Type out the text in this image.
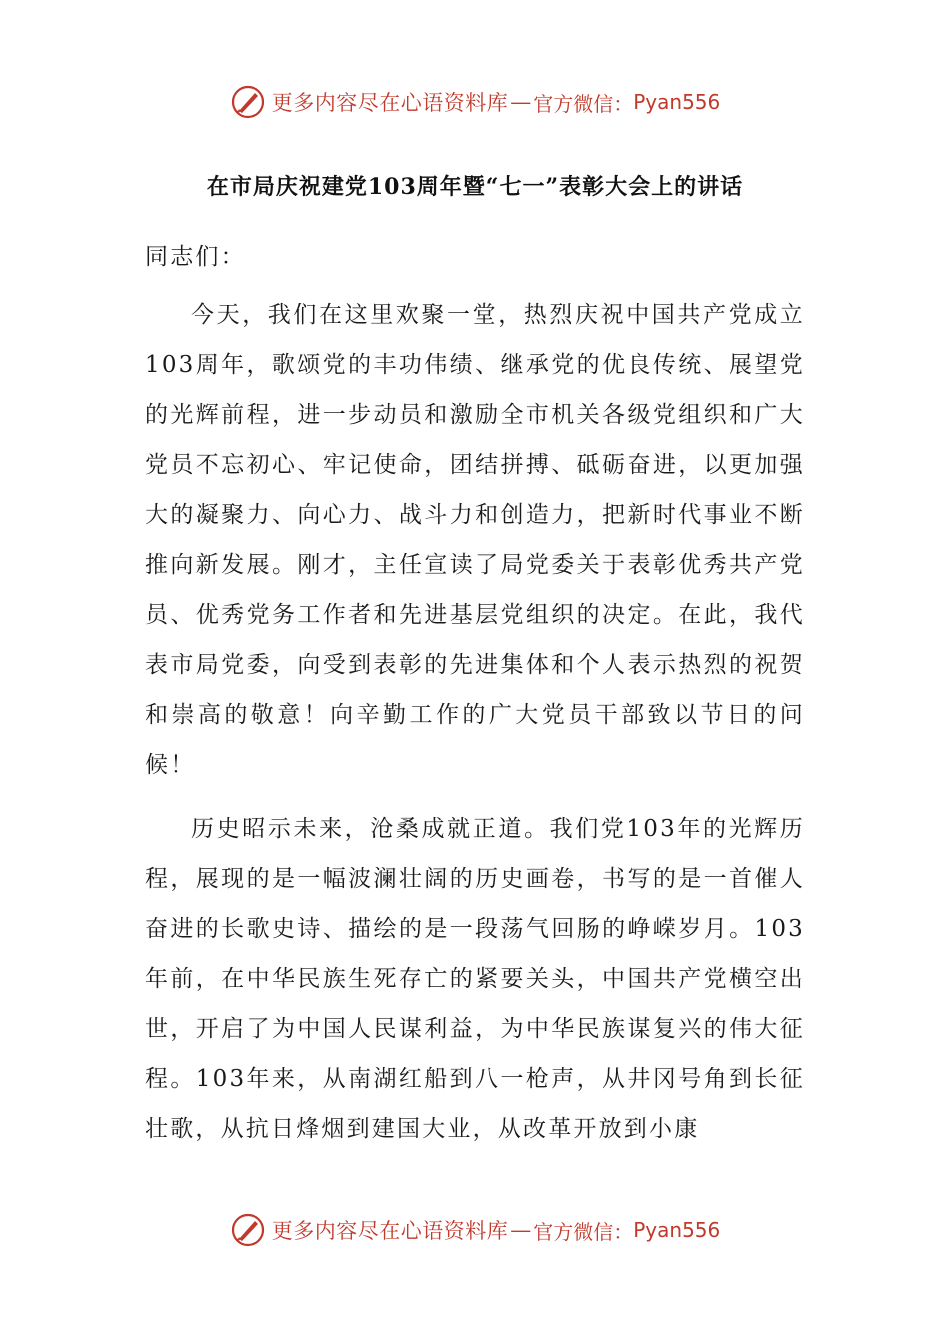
更多内容尽在心语资料库 — 官方微信： Pyan556
在市局庆祝建党103周年暨“七一”表彰大会上的讲话

同志们：

今天，我们在这里欢聚一堂，热烈庆祝中国共产党成立103周年，歌颂党的丰功伟绩、继承党的优良传统、展望党的光辉前程，进一步动员和激励全市机关各级党组织和广大党员不忘初心、牢记使命，团结拼搏、砥砺奋进，以更加强大的凝聚力、向心力、战斗力和创造力，把新时代事业不断推向新发展。刚才，主任宣读了局党委关于表彰优秀共产党员、优秀党务工作者和先进基层党组织的决定。在此，我代表市局党委，向受到表彰的先进集体和个人表示热烈的祝贺和崇高的敬意！向辛勤工作的广大党员干部致以节日的问候！

历史昭示未来，沧桑成就正道。我们党103年的光辉历程，展现的是一幅波澜壮阔的历史画卷，书写的是一首催人奋进的长歌史诗、描绘的是一段荡气回肠的峥嵘岁月。103年前，在中华民族生死存亡的紧要关头，中国共产党横空出世，开启了为中国人民谋利益，为中华民族谋复兴的伟大征程。103年来，从南湖红船到八一枪声，从井冈号角到长征壮歌，从抗日烽烟到建国大业，从改革开放到小康

更多内容尽在心语资料库 — 官方微信： Pyan556
